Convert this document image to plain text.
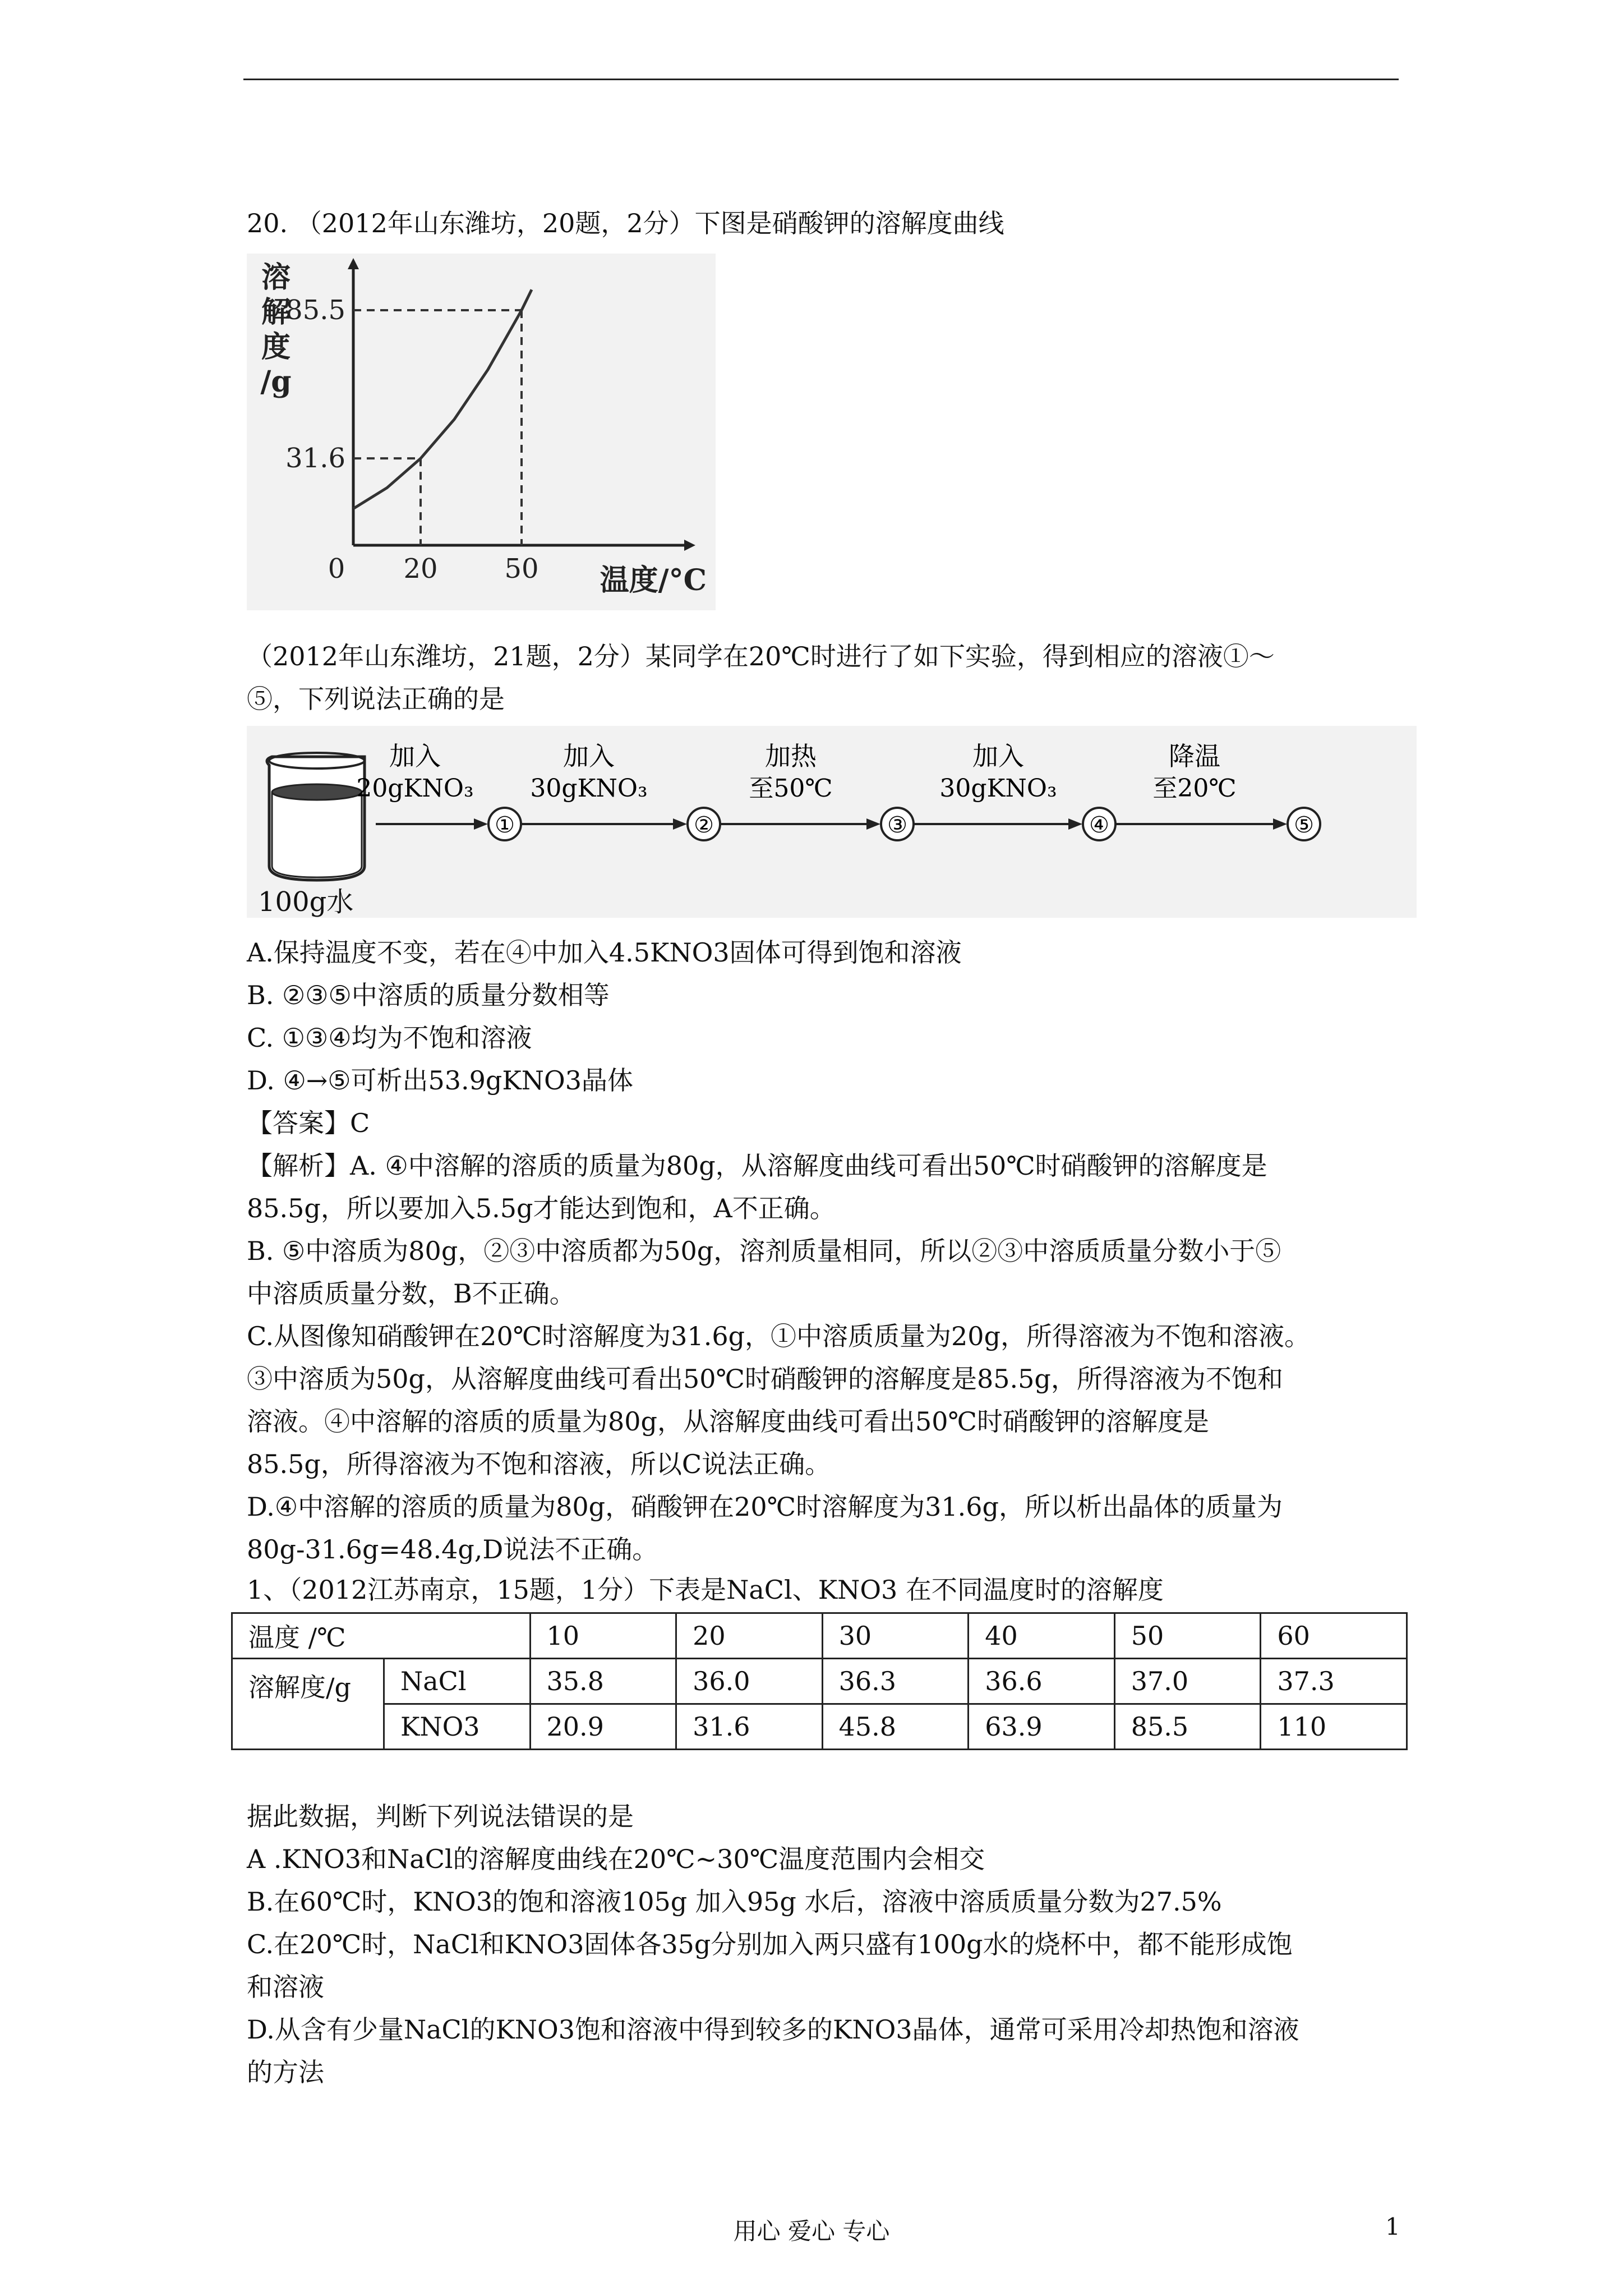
20. （2012年山东潍坊，20题，2分）下图是硝酸钾的溶解度曲线
31.6
20
85.5
50
0
溶
解
度
/g
温度/°C
（2012年山东潍坊，21题，2分）某同学在20℃时进行了如下实验，得到相应的溶液①～
⑤，下列说法正确的是
100g水
加入
20gKNO₃
①
加入
30gKNO₃
②
加热
至50℃
③
加入
30gKNO₃
④
降温
至20℃
⑤
A.保持温度不变，若在④中加入4.5KNO3固体可得到饱和溶液
B. ②③⑤中溶质的质量分数相等
C. ①③④均为不饱和溶液
D. ④→⑤可析出53.9gKNO3晶体
【答案】C
【解析】A. ④中溶解的溶质的质量为80g，从溶解度曲线可看出50℃时硝酸钾的溶解度是
85.5g，所以要加入5.5g才能达到饱和，A不正确。
B. ⑤中溶质为80g，②③中溶质都为50g，溶剂质量相同，所以②③中溶质质量分数小于⑤
中溶质质量分数，B不正确。
C.从图像知硝酸钾在20℃时溶解度为31.6g，①中溶质质量为20g，所得溶液为不饱和溶液。
③中溶质为50g，从溶解度曲线可看出50℃时硝酸钾的溶解度是85.5g，所得溶液为不饱和
溶液。④中溶解的溶质的质量为80g，从溶解度曲线可看出50℃时硝酸钾的溶解度是
85.5g，所得溶液为不饱和溶液，所以C说法正确。
D.④中溶解的溶质的质量为80g，硝酸钾在20℃时溶解度为31.6g，所以析出晶体的质量为
80g-31.6g=48.4g,D说法不正确。
1、（2012江苏南京，15题，1分）下表是NaCl、KNO3 在不同温度时的溶解度
温度 /℃		10	20	30	40	50	60
溶解度/g	NaCl	35.8	36.0	36.3	36.6	37.0	37.3
	KNO3	20.9	31.6	45.8	63.9	85.5	110
据此数据，判断下列说法错误的是
A .KNO3和NaCl的溶解度曲线在20℃~30℃温度范围内会相交
B.在60℃时，KNO3的饱和溶液105g 加入95g 水后，溶液中溶质质量分数为27.5%
C.在20℃时，NaCl和KNO3固体各35g分别加入两只盛有100g水的烧杯中，都不能形成饱
和溶液
D.从含有少量NaCl的KNO3饱和溶液中得到较多的KNO3晶体，通常可采用冷却热饱和溶液
的方法
用心 爱心 专心	1
